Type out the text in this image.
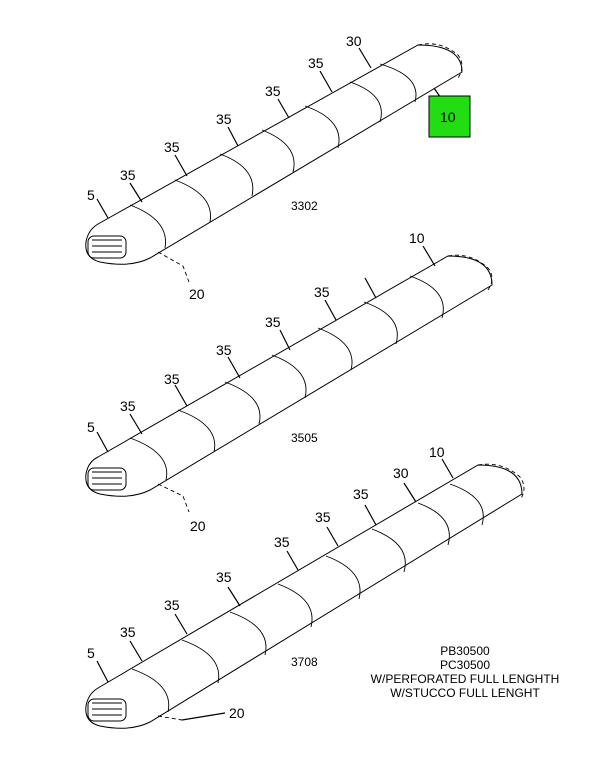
5
35
35
35
35
35
30
10
20
3302
5
35
35
35
35
35
10
20
3505
5
35
35
35
35
35
35
30
10
20
3708
PB30500
PC30500
W/PERFORATED FULL LENGHTH
W/STUCCO FULL LENGHT
